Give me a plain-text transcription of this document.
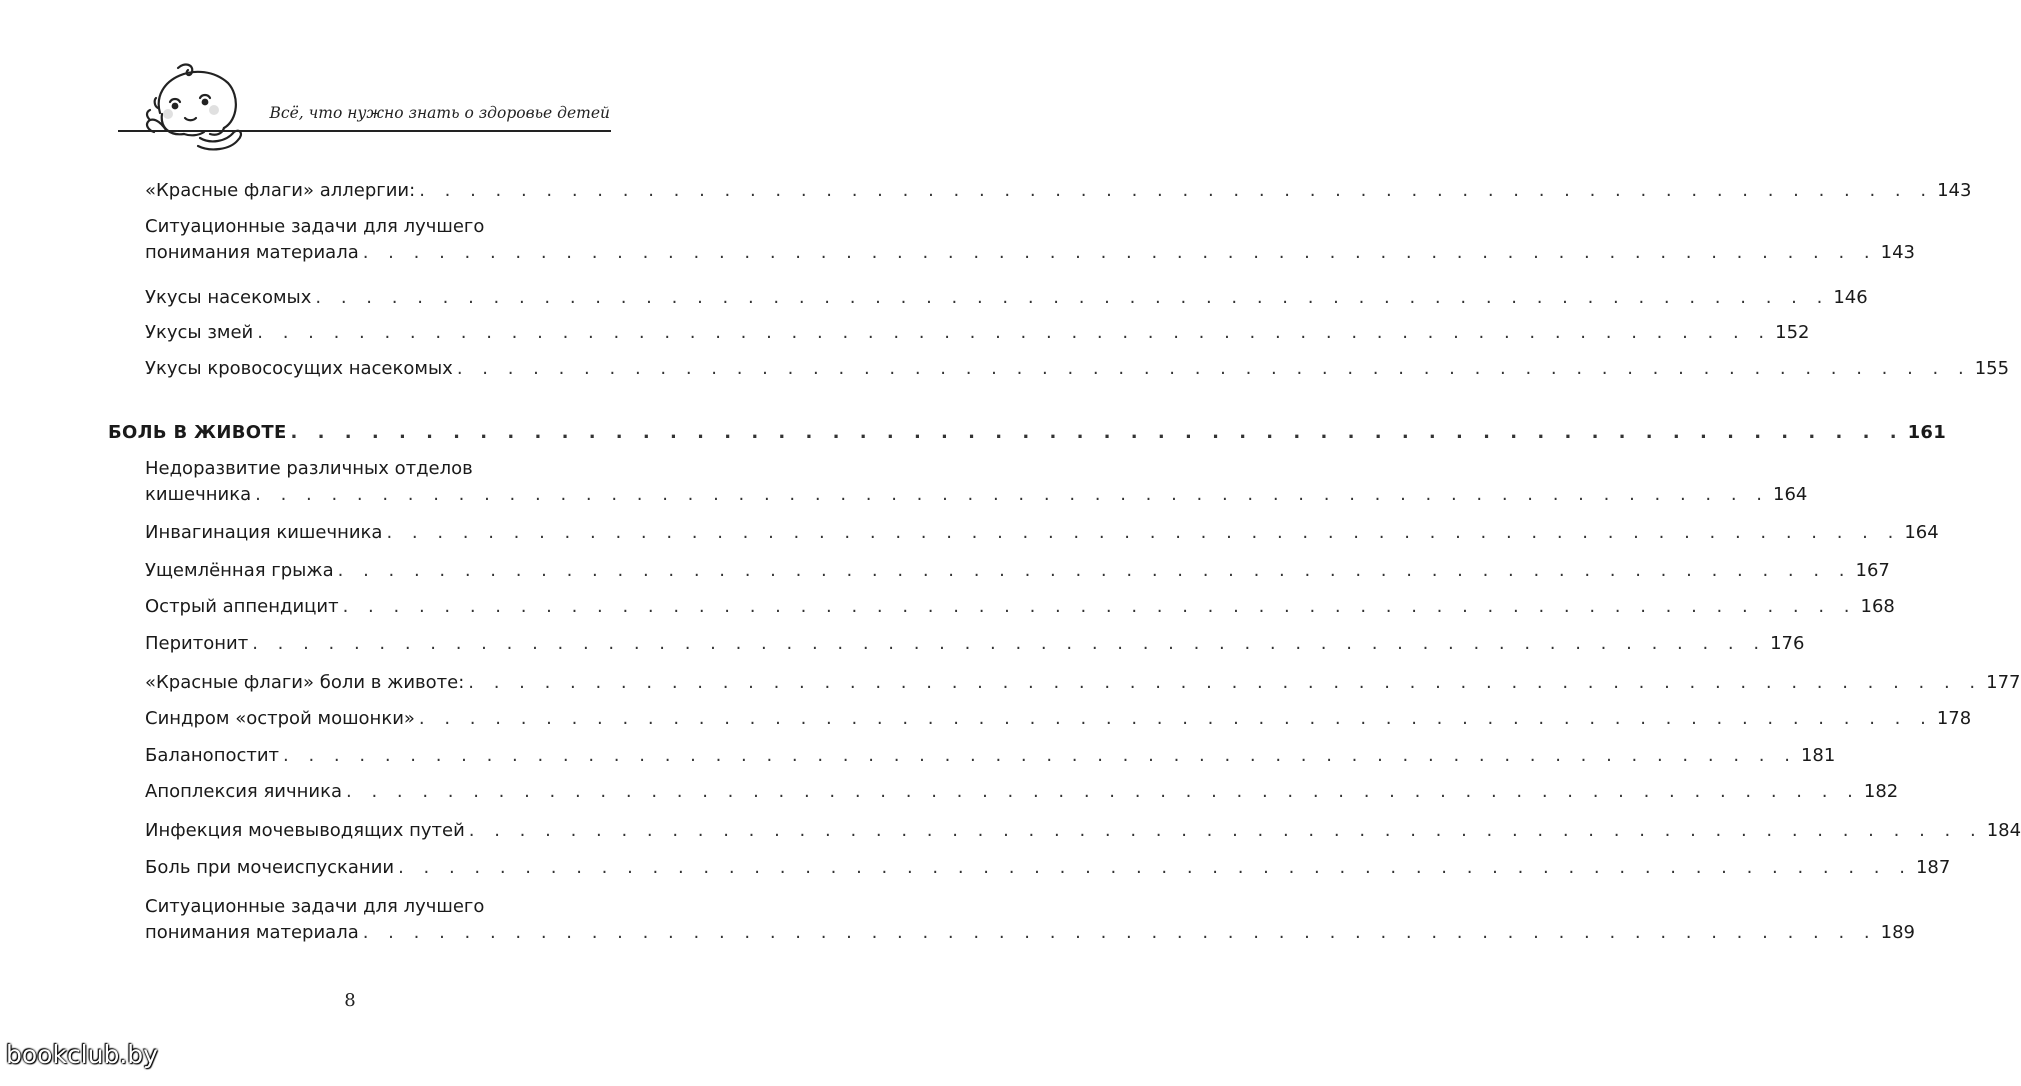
Всё, что нужно знать о здоровье детей
«Красные флаги» аллергии: . . . . . . . . . . . . . . . . . . . . . . . . . . . . . . . . . . . . . . . . . . . . . . . . . . . . . . . . . . . . 143
Ситуационные задачи для лучшего
понимания материала . . . . . . . . . . . . . . . . . . . . . . . . . . . . . . . . . . . . . . . . . . . . . . . . . . . . . . . . . . . . 143
Укусы насекомых . . . . . . . . . . . . . . . . . . . . . . . . . . . . . . . . . . . . . . . . . . . . . . . . . . . . . . . . . . . . 146
Укусы змей . . . . . . . . . . . . . . . . . . . . . . . . . . . . . . . . . . . . . . . . . . . . . . . . . . . . . . . . . . . . 152
Укусы кровососущих насекомых . . . . . . . . . . . . . . . . . . . . . . . . . . . . . . . . . . . . . . . . . . . . . . . . . . . . . . . . . . . . 155
БОЛЬ В ЖИВОТЕ . . . . . . . . . . . . . . . . . . . . . . . . . . . . . . . . . . . . . . . . . . . . . . . . . . . . . . . . . . . . 161
Недоразвитие различных отделов
кишечника . . . . . . . . . . . . . . . . . . . . . . . . . . . . . . . . . . . . . . . . . . . . . . . . . . . . . . . . . . . . 164
Инвагинация кишечника . . . . . . . . . . . . . . . . . . . . . . . . . . . . . . . . . . . . . . . . . . . . . . . . . . . . . . . . . . . . 164
Ущемлённая грыжа . . . . . . . . . . . . . . . . . . . . . . . . . . . . . . . . . . . . . . . . . . . . . . . . . . . . . . . . . . . . 167
Острый аппендицит . . . . . . . . . . . . . . . . . . . . . . . . . . . . . . . . . . . . . . . . . . . . . . . . . . . . . . . . . . . . 168
Перитонит . . . . . . . . . . . . . . . . . . . . . . . . . . . . . . . . . . . . . . . . . . . . . . . . . . . . . . . . . . . . 176
«Красные флаги» боли в животе: . . . . . . . . . . . . . . . . . . . . . . . . . . . . . . . . . . . . . . . . . . . . . . . . . . . . . . . . . . . . 177
Синдром «острой мошонки» . . . . . . . . . . . . . . . . . . . . . . . . . . . . . . . . . . . . . . . . . . . . . . . . . . . . . . . . . . . . 178
Баланопостит . . . . . . . . . . . . . . . . . . . . . . . . . . . . . . . . . . . . . . . . . . . . . . . . . . . . . . . . . . . . 181
Апоплексия яичника . . . . . . . . . . . . . . . . . . . . . . . . . . . . . . . . . . . . . . . . . . . . . . . . . . . . . . . . . . . . 182
Инфекция мочевыводящих путей . . . . . . . . . . . . . . . . . . . . . . . . . . . . . . . . . . . . . . . . . . . . . . . . . . . . . . . . . . . . 184
Боль при мочеиспускании . . . . . . . . . . . . . . . . . . . . . . . . . . . . . . . . . . . . . . . . . . . . . . . . . . . . . . . . . . . . 187
Ситуационные задачи для лучшего
понимания материала . . . . . . . . . . . . . . . . . . . . . . . . . . . . . . . . . . . . . . . . . . . . . . . . . . . . . . . . . . . . 189
8
bookclub.by
